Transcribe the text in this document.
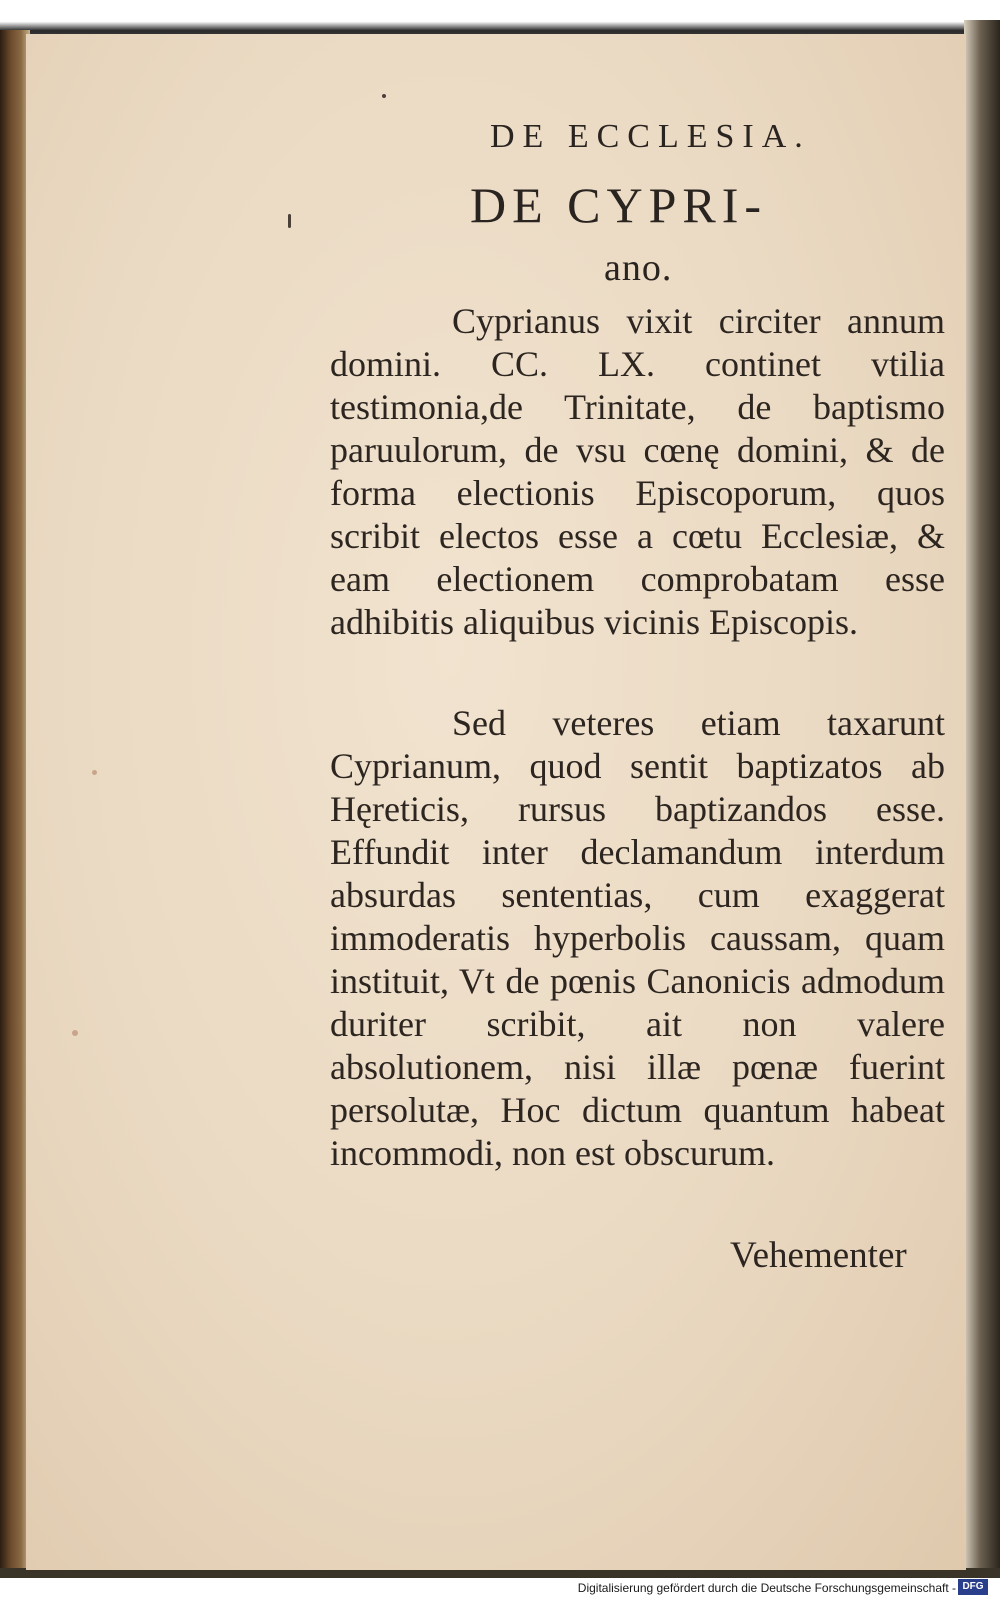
DE ECCLESIA.
DE CYPRI-
ano.

Cyprianus vixit circiter annum domini. CC. LX. continet vtilia testimonia,de Trinitate, de baptismo paruulorum, de vsu cœnę domini, & de forma electionis Episcoporum, quos scribit electos esse a cœtu Ecclesiæ, & eam electionem comprobatam esse adhibitis aliquibus vicinis Episcopis.

Sed veteres etiam taxarunt Cyprianum, quod sentit baptizatos ab Hęreticis, rursus baptizandos esse. Effundit inter declamandum interdum absurdas sententias, cum exaggerat immoderatis hyperbolis caussam, quam instituit, Vt de pœnis Canonicis admodum duriter scribit, ait non valere absolutionem, nisi illæ pœnæ fuerint persolutæ, Hoc dictum quantum habeat incommodi, non est obscurum.

Vehementer
Digitalisierung gefördert durch die Deutsche Forschungsgemeinschaft - DFG
